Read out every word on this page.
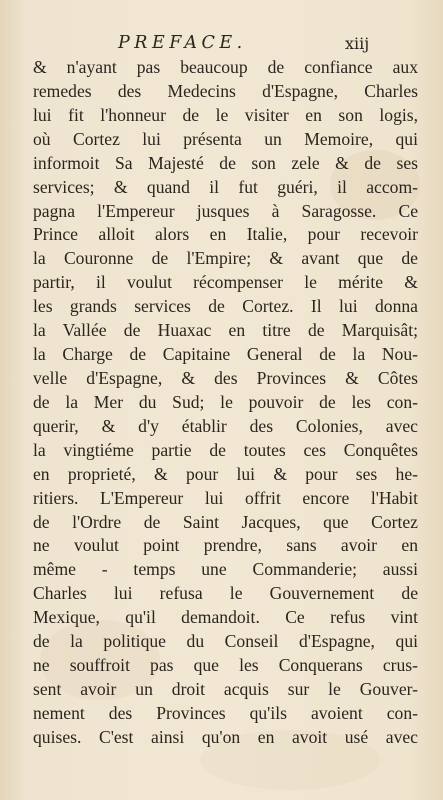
PREFACE.	xiij
& n'ayant pas beaucoup de confiance aux
remedes des Medecins d'Espagne, Charles
lui fit l'honneur de le visiter en son logis,
où Cortez lui présenta un Memoire, qui
informoit Sa Majesté de son zele & de ses
services; & quand il fut guéri, il accom-
pagna l'Empereur jusques à Saragosse. Ce
Prince alloit alors en Italie, pour recevoir
la Couronne de l'Empire; & avant que de
partir, il voulut récompenser le mérite &
les grands services de Cortez. Il lui donna
la Vallée de Huaxac en titre de Marquisât;
la Charge de Capitaine General de la Nou-
velle d'Espagne, & des Provinces & Côtes
de la Mer du Sud; le pouvoir de les con-
querir, & d'y établir des Colonies, avec
la vingtiéme partie de toutes ces Conquêtes
en proprieté, & pour lui & pour ses he-
ritiers. L'Empereur lui offrit encore l'Habit
de l'Ordre de Saint Jacques, que Cortez
ne voulut point prendre, sans avoir en
même - temps une Commanderie; aussi
Charles lui refusa le Gouvernement de
Mexique, qu'il demandoit. Ce refus vint
de la politique du Conseil d'Espagne, qui
ne souffroit pas que les Conquerans crus-
sent avoir un droit acquis sur le Gouver-
nement des Provinces qu'ils avoient con-
quises. C'est ainsi qu'on en avoit usé avec
